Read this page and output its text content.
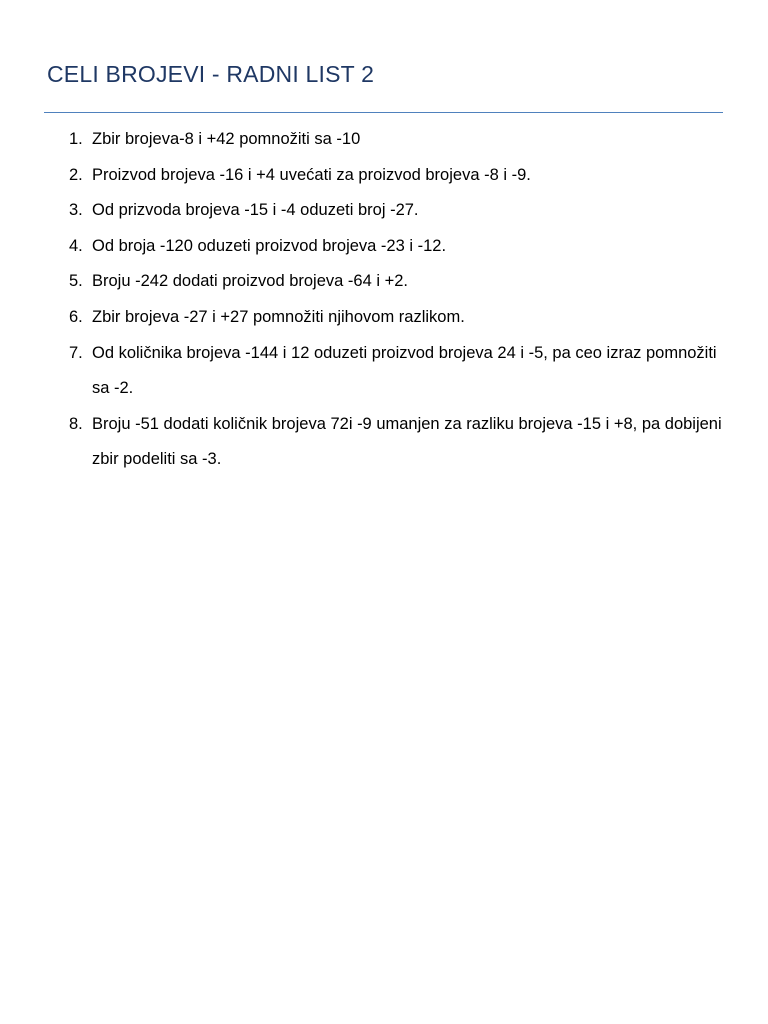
CELI BROJEVI - RADNI LIST 2
1. Zbir brojeva-8 i +42 pomnožiti sa -10
2. Proizvod brojeva -16 i +4 uvećati za proizvod brojeva -8 i -9.
3. Od prizvoda brojeva -15 i -4 oduzeti broj -27.
4. Od broja -120 oduzeti proizvod brojeva -23 i -12.
5. Broju -242 dodati proizvod brojeva -64 i +2.
6. Zbir brojeva -27 i +27 pomnožiti njihovom razlikom.
7. Od količnika brojeva -144 i 12 oduzeti proizvod brojeva 24 i -5, pa ceo izraz pomnožiti sa -2.
8. Broju -51 dodati količnik brojeva 72i -9 umanjen za razliku brojeva -15 i +8, pa dobijeni zbir podeliti sa -3.
